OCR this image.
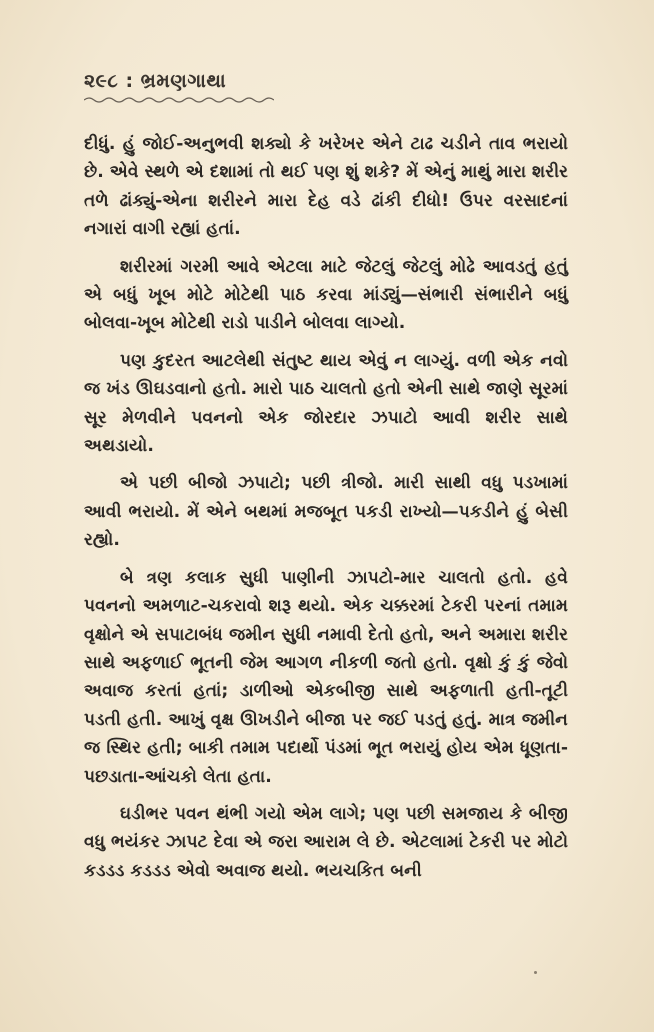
૨૯૮ : ભ્રમણગાથા

દીધું. હું જોઈ-અનુભવી શક્યો કે ખરેખર એને ટાઢ ચડીને તાવ ભરાયો છે. એવે સ્થળે એ દશામાં તો થઈ પણ શું શકે? મેં એનું માથું મારા શરીર તળે ઢાંક્યું-એના શરીરને મારા દેહ વડે ઢાંકી દીધો! ઉપર વરસાદનાં નગારાં વાગી રહ્યાં હતાં.

શરીરમાં ગરમી આવે એટલા માટે જેટલું જેટલું મોઢે આવડતું હતું એ બધું ખૂબ મોટે મોટેથી પાઠ કરવા માંડ્યું—સંભારી સંભારીને બધું બોલવા-ખૂબ મોટેથી રાડો પાડીને બોલવા લાગ્યો.

પણ કુદરત આટલેથી સંતુષ્ટ થાય એવું ન લાગ્યું. વળી એક નવો જ ખંડ ઊઘડવાનો હતો. મારો પાઠ ચાલતો હતો એની સાથે જાણે સૂરમાં સૂર મેળવીને પવનનો એક જોરદાર ઝપાટો આવી શરીર સાથે અથડાયો.

એ પછી બીજો ઝપાટો; પછી ત્રીજો. મારી સાથી વધુ પડખામાં આવી ભરાયો. મેં એને બથમાં મજબૂત પકડી રાખ્યો—પકડીને હું બેસી રહ્યો.

બે ત્રણ કલાક સુધી પાણીની ઝાપટો-માર ચાલતો હતો. હવે પવનનો અમળાટ-ચકરાવો શરૂ થયો. એક ચક્કરમાં ટેકરી પરનાં તમામ વૃક્ષોને એ સપાટાબંધ જમીન સુધી નમાવી દેતો હતો, અને અમારા શરીર સાથે અફળાઈ ભૂતની જેમ આગળ નીકળી જતો હતો. વૃક્ષો કું કું જેવો અવાજ કરતાં હતાં; ડાળીઓ એકબીજી સાથે અફળાતી હતી-તૂટી પડતી હતી. આખું વૃક્ષ ઊખડીને બીજા પર જઈ પડતું હતું. માત્ર જમીન જ સ્થિર હતી; બાકી તમામ પદાર્થો પંડમાં ભૂત ભરાયું હોય એમ ધૂણતા-પછડાતા-આંચકો લેતા હતા.

ઘડીભર પવન થંભી ગયો એમ લાગે; પણ પછી સમજાય કે બીજી વધુ ભયંકર ઝાપટ દેવા એ જરા આરામ લે છે. એટલામાં ટેકરી પર મોટો કડડડ કડડડ એવો અવાજ થયો. ભયચકિત બની
